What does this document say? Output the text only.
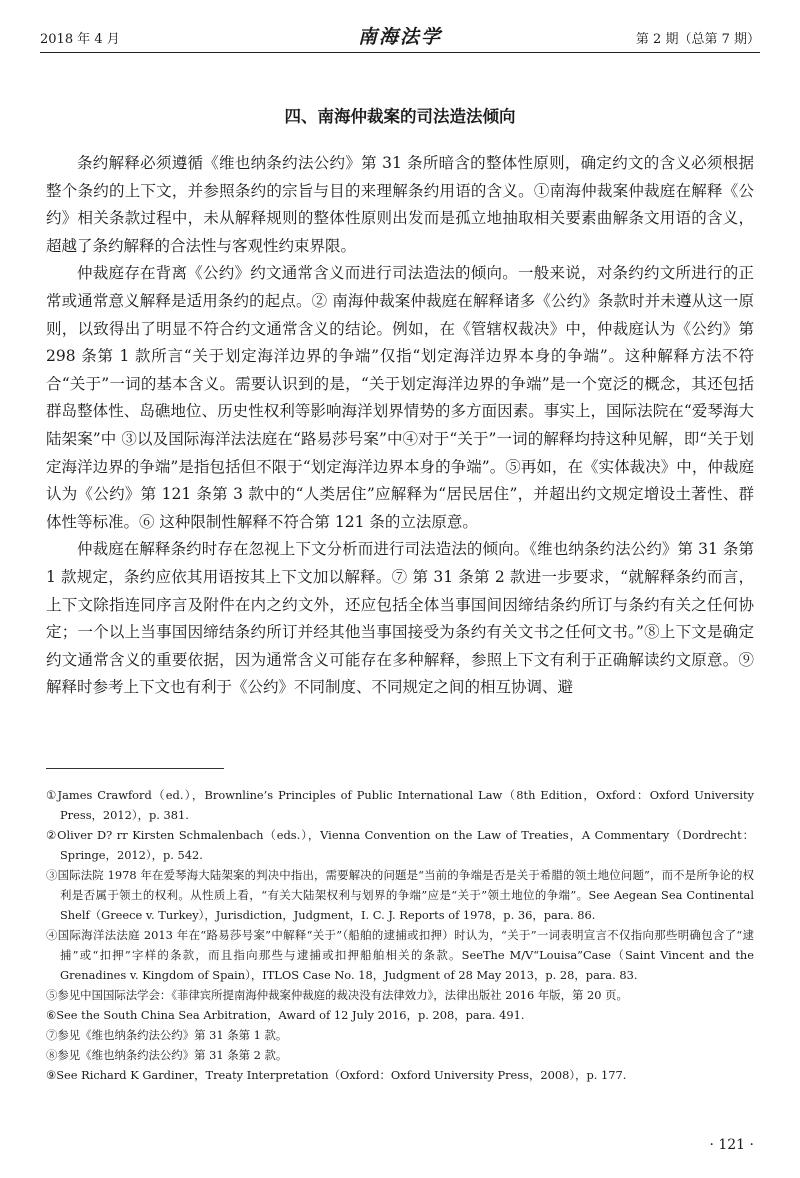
2018 年 4 月	南海法学	第 2 期（总第 7 期）
四、南海仲裁案的司法造法倾向

条约解释必须遵循《维也纳条约法公约》第 31 条所暗含的整体性原则，确定约文的含义必须根据整个条约的上下文，并参照条约的宗旨与目的来理解条约用语的含义。①南海仲裁案仲裁庭在解释《公约》相关条款过程中，未从解释规则的整体性原则出发而是孤立地抽取相关要素曲解条文用语的含义，超越了条约解释的合法性与客观性约束界限。

仲裁庭存在背离《公约》约文通常含义而进行司法造法的倾向。一般来说，对条约约文所进行的正常或通常意义解释是适用条约的起点。② 南海仲裁案仲裁庭在解释诸多《公约》条款时并未遵从这一原则，以致得出了明显不符合约文通常含义的结论。例如，在《管辖权裁决》中，仲裁庭认为《公约》第 298 条第 1 款所言“关于划定海洋边界的争端”仅指“划定海洋边界本身的争端”。这种解释方法不符合“关于”一词的基本含义。需要认识到的是，“关于划定海洋边界的争端”是一个宽泛的概念，其还包括群岛整体性、岛礁地位、历史性权利等影响海洋划界情势的多方面因素。事实上，国际法院在“爱琴海大陆架案”中 ③以及国际海洋法法庭在“路易莎号案”中④对于“关于”一词的解释均持这种见解，即“关于划定海洋边界的争端”是指包括但不限于“划定海洋边界本身的争端”。⑤再如，在《实体裁决》中，仲裁庭认为《公约》第 121 条第 3 款中的“人类居住”应解释为“居民居住”，并超出约文规定增设土著性、群体性等标准。⑥ 这种限制性解释不符合第 121 条的立法原意。

仲裁庭在解释条约时存在忽视上下文分析而进行司法造法的倾向。《维也纳条约法公约》第 31 条第 1 款规定，条约应依其用语按其上下文加以解释。⑦ 第 31 条第 2 款进一步要求，“就解释条约而言，上下文除指连同序言及附件在内之约文外，还应包括全体当事国间因缔结条约所订与条约有关之任何协定；一个以上当事国因缔结条约所订并经其他当事国接受为条约有关文书之任何文书。”⑧上下文是确定约文通常含义的重要依据，因为通常含义可能存在多种解释，参照上下文有利于正确解读约文原意。⑨解释时参考上下文也有利于《公约》不同制度、不同规定之间的相互协调、避

①James Crawford（ed.），Brownline’s Principles of Public International Law（8th Edition，Oxford：Oxford University Press，2012），p. 381.

②Oliver D? rr Kirsten Schmalenbach（eds.），Vienna Convention on the Law of Treaties，A Commentary（Dordrecht：Springe，2012），p. 542.

③国际法院 1978 年在爱琴海大陆架案的判决中指出，需要解决的问题是“当前的争端是否是关于希腊的领土地位问题”，而不是所争论的权利是否属于领土的权利。从性质上看，“有关大陆架权利与划界的争端”应是“关于”领土地位的争端”。See Aegean Sea Continental Shelf（Greece v. Turkey），Jurisdiction，Judgment，I. C. J. Reports of 1978，p. 36，para. 86.

④国际海洋法法庭 2013 年在“路易莎号案”中解释“关于”（船舶的逮捕或扣押）时认为，“关于”一词表明宣言不仅指向那些明确包含了“逮捕”或“扣押”字样的条款，而且指向那些与逮捕或扣押船舶相关的条款。SeeThe M/V“Louisa”Case（Saint Vincent and the Grenadines v. Kingdom of Spain），ITLOS Case No. 18，Judgment of 28 May 2013，p. 28，para. 83.

⑤参见中国国际法学会：《菲律宾所提南海仲裁案仲裁庭的裁决没有法律效力》，法律出版社 2016 年版，第 20 页。

⑥See the South China Sea Arbitration，Award of 12 July 2016，p. 208，para. 491.

⑦参见《维也纳条约法公约》第 31 条第 1 款。

⑧参见《维也纳条约法公约》第 31 条第 2 款。

⑨See Richard K Gardiner，Treaty Interpretation（Oxford：Oxford University Press，2008），p. 177.

· 121 ·
